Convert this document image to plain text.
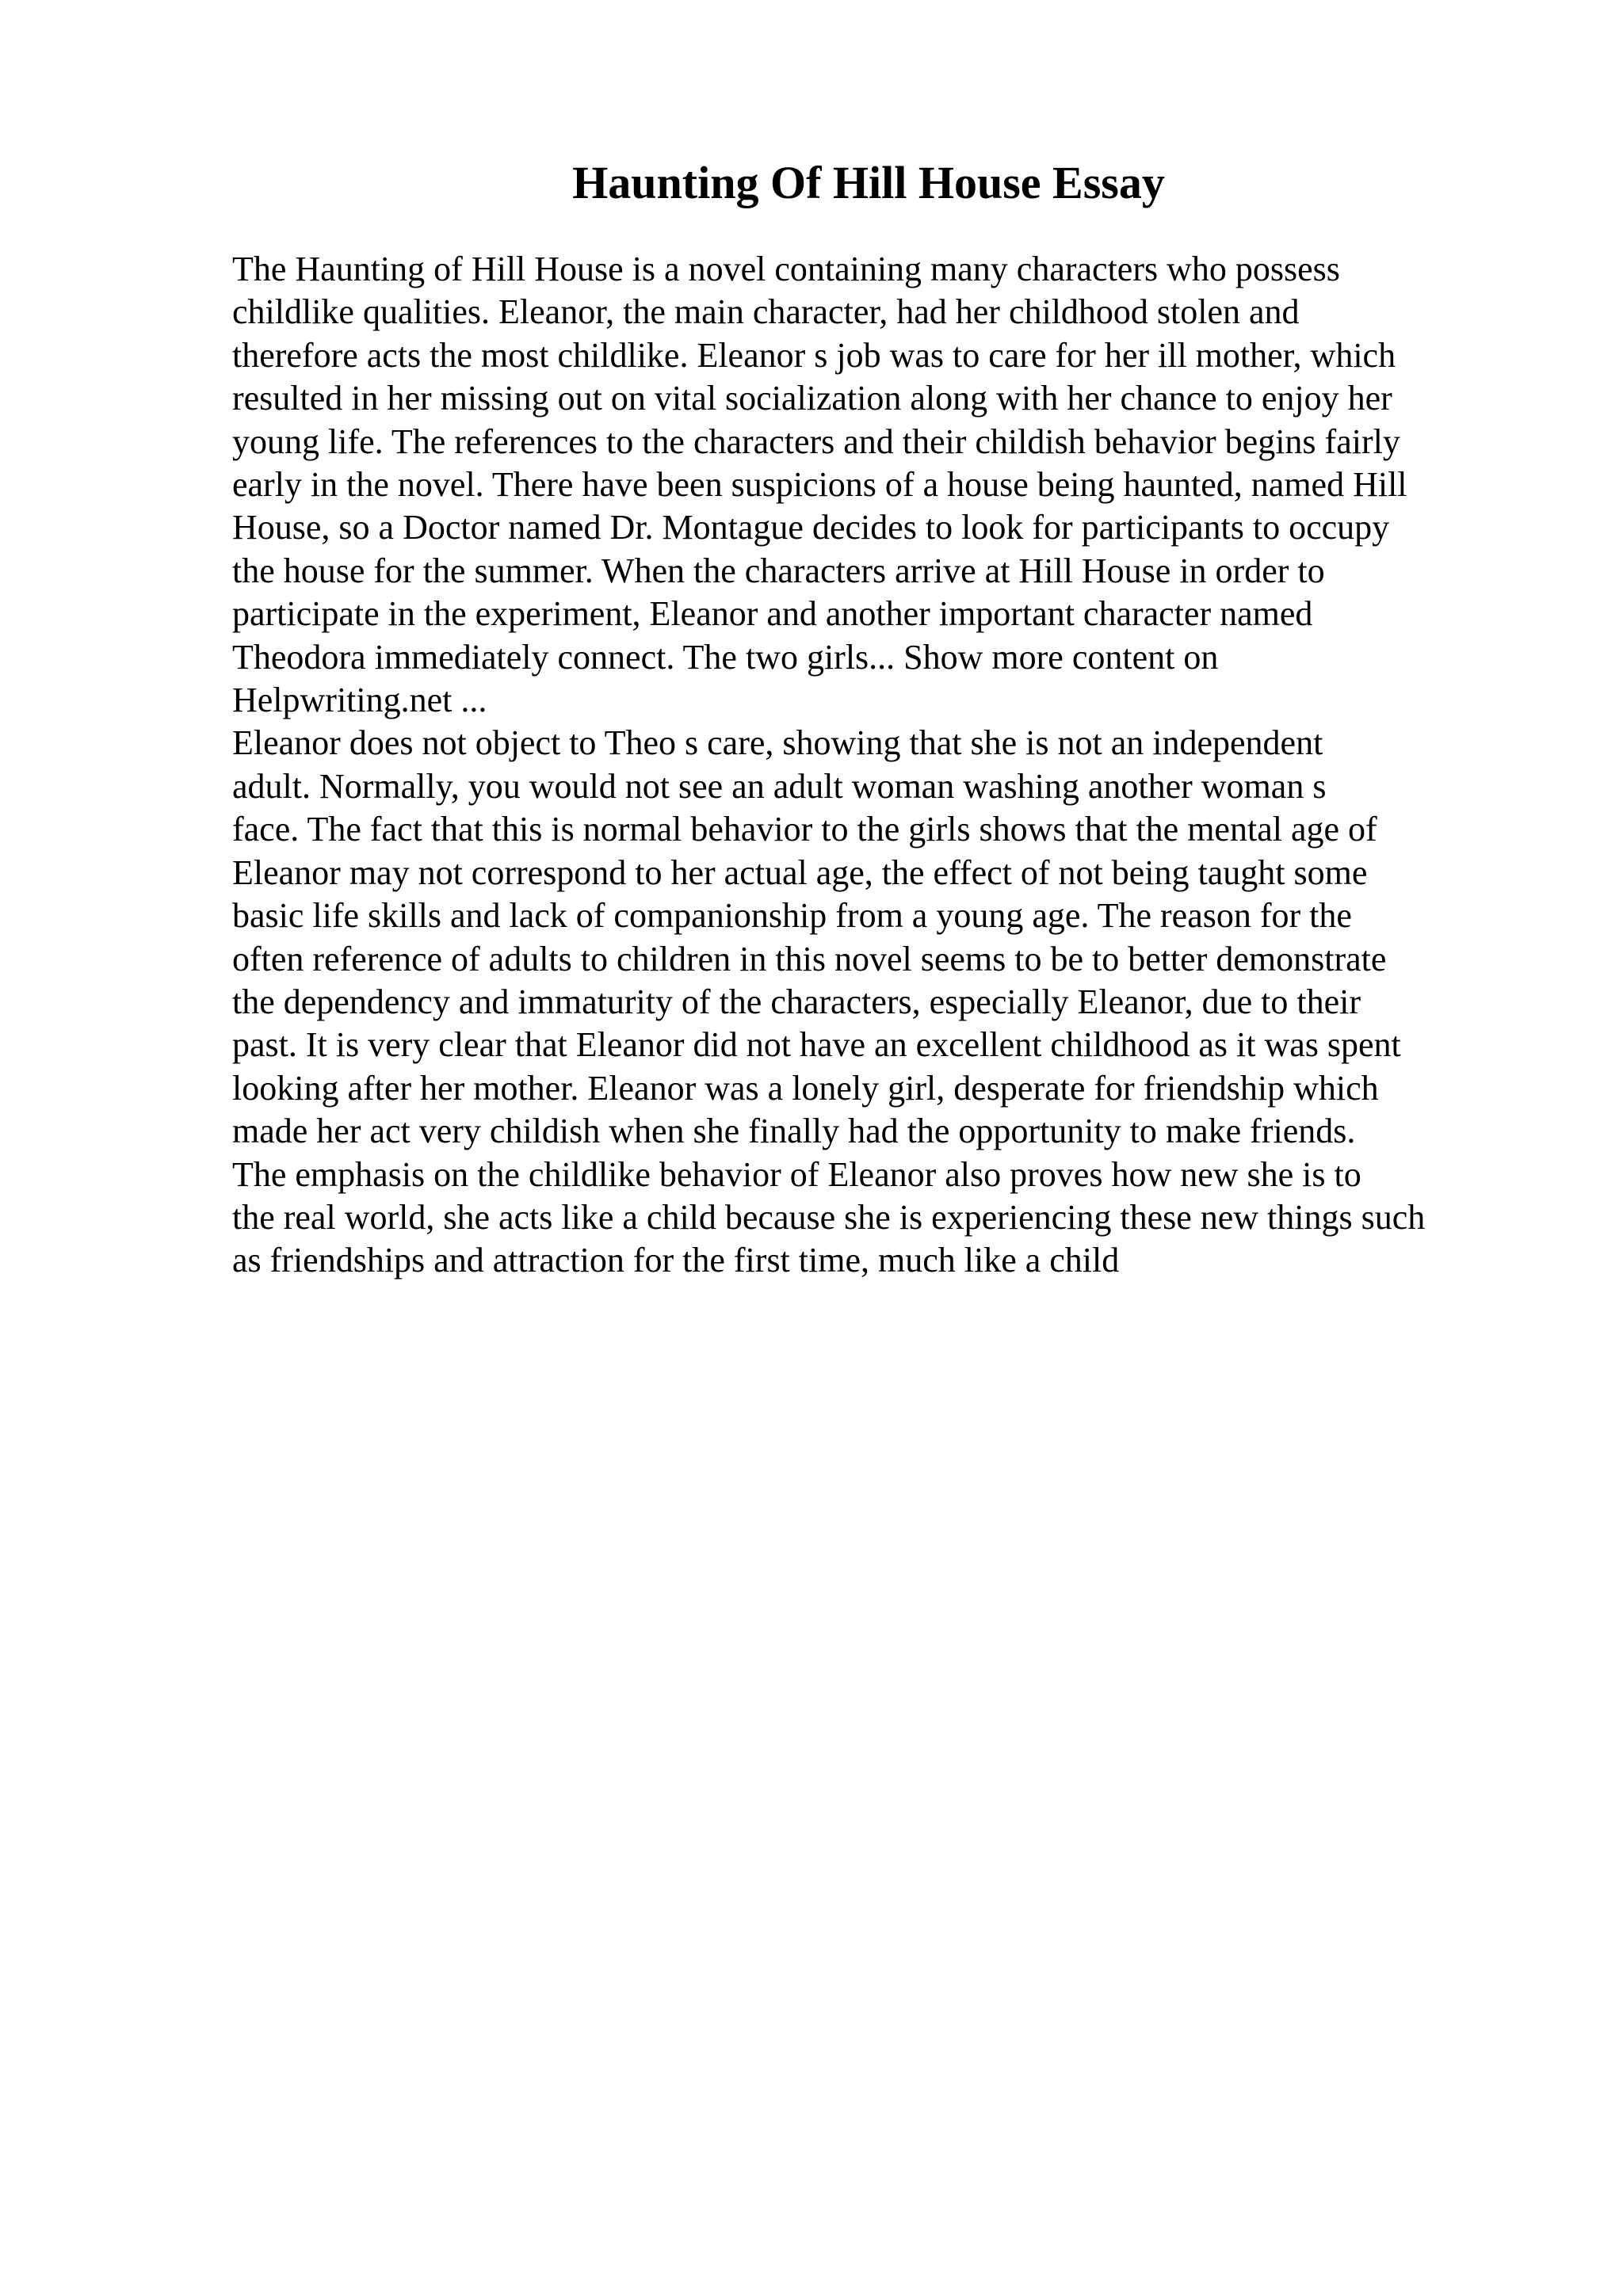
Haunting Of Hill House Essay
The Haunting of Hill House is a novel containing many characters who possess
childlike qualities. Eleanor, the main character, had her childhood stolen and
therefore acts the most childlike. Eleanor s job was to care for her ill mother, which
resulted in her missing out on vital socialization along with her chance to enjoy her
young life. The references to the characters and their childish behavior begins fairly
early in the novel. There have been suspicions of a house being haunted, named Hill
House, so a Doctor named Dr. Montague decides to look for participants to occupy
the house for the summer. When the characters arrive at Hill House in order to
participate in the experiment, Eleanor and another important character named
Theodora immediately connect. The two girls... Show more content on
Helpwriting.net ...
Eleanor does not object to Theo s care, showing that she is not an independent
adult. Normally, you would not see an adult woman washing another woman s
face. The fact that this is normal behavior to the girls shows that the mental age of
Eleanor may not correspond to her actual age, the effect of not being taught some
basic life skills and lack of companionship from a young age. The reason for the
often reference of adults to children in this novel seems to be to better demonstrate
the dependency and immaturity of the characters, especially Eleanor, due to their
past. It is very clear that Eleanor did not have an excellent childhood as it was spent
looking after her mother. Eleanor was a lonely girl, desperate for friendship which
made her act very childish when she finally had the opportunity to make friends.
The emphasis on the childlike behavior of Eleanor also proves how new she is to
the real world, she acts like a child because she is experiencing these new things such
as friendships and attraction for the first time, much like a child
